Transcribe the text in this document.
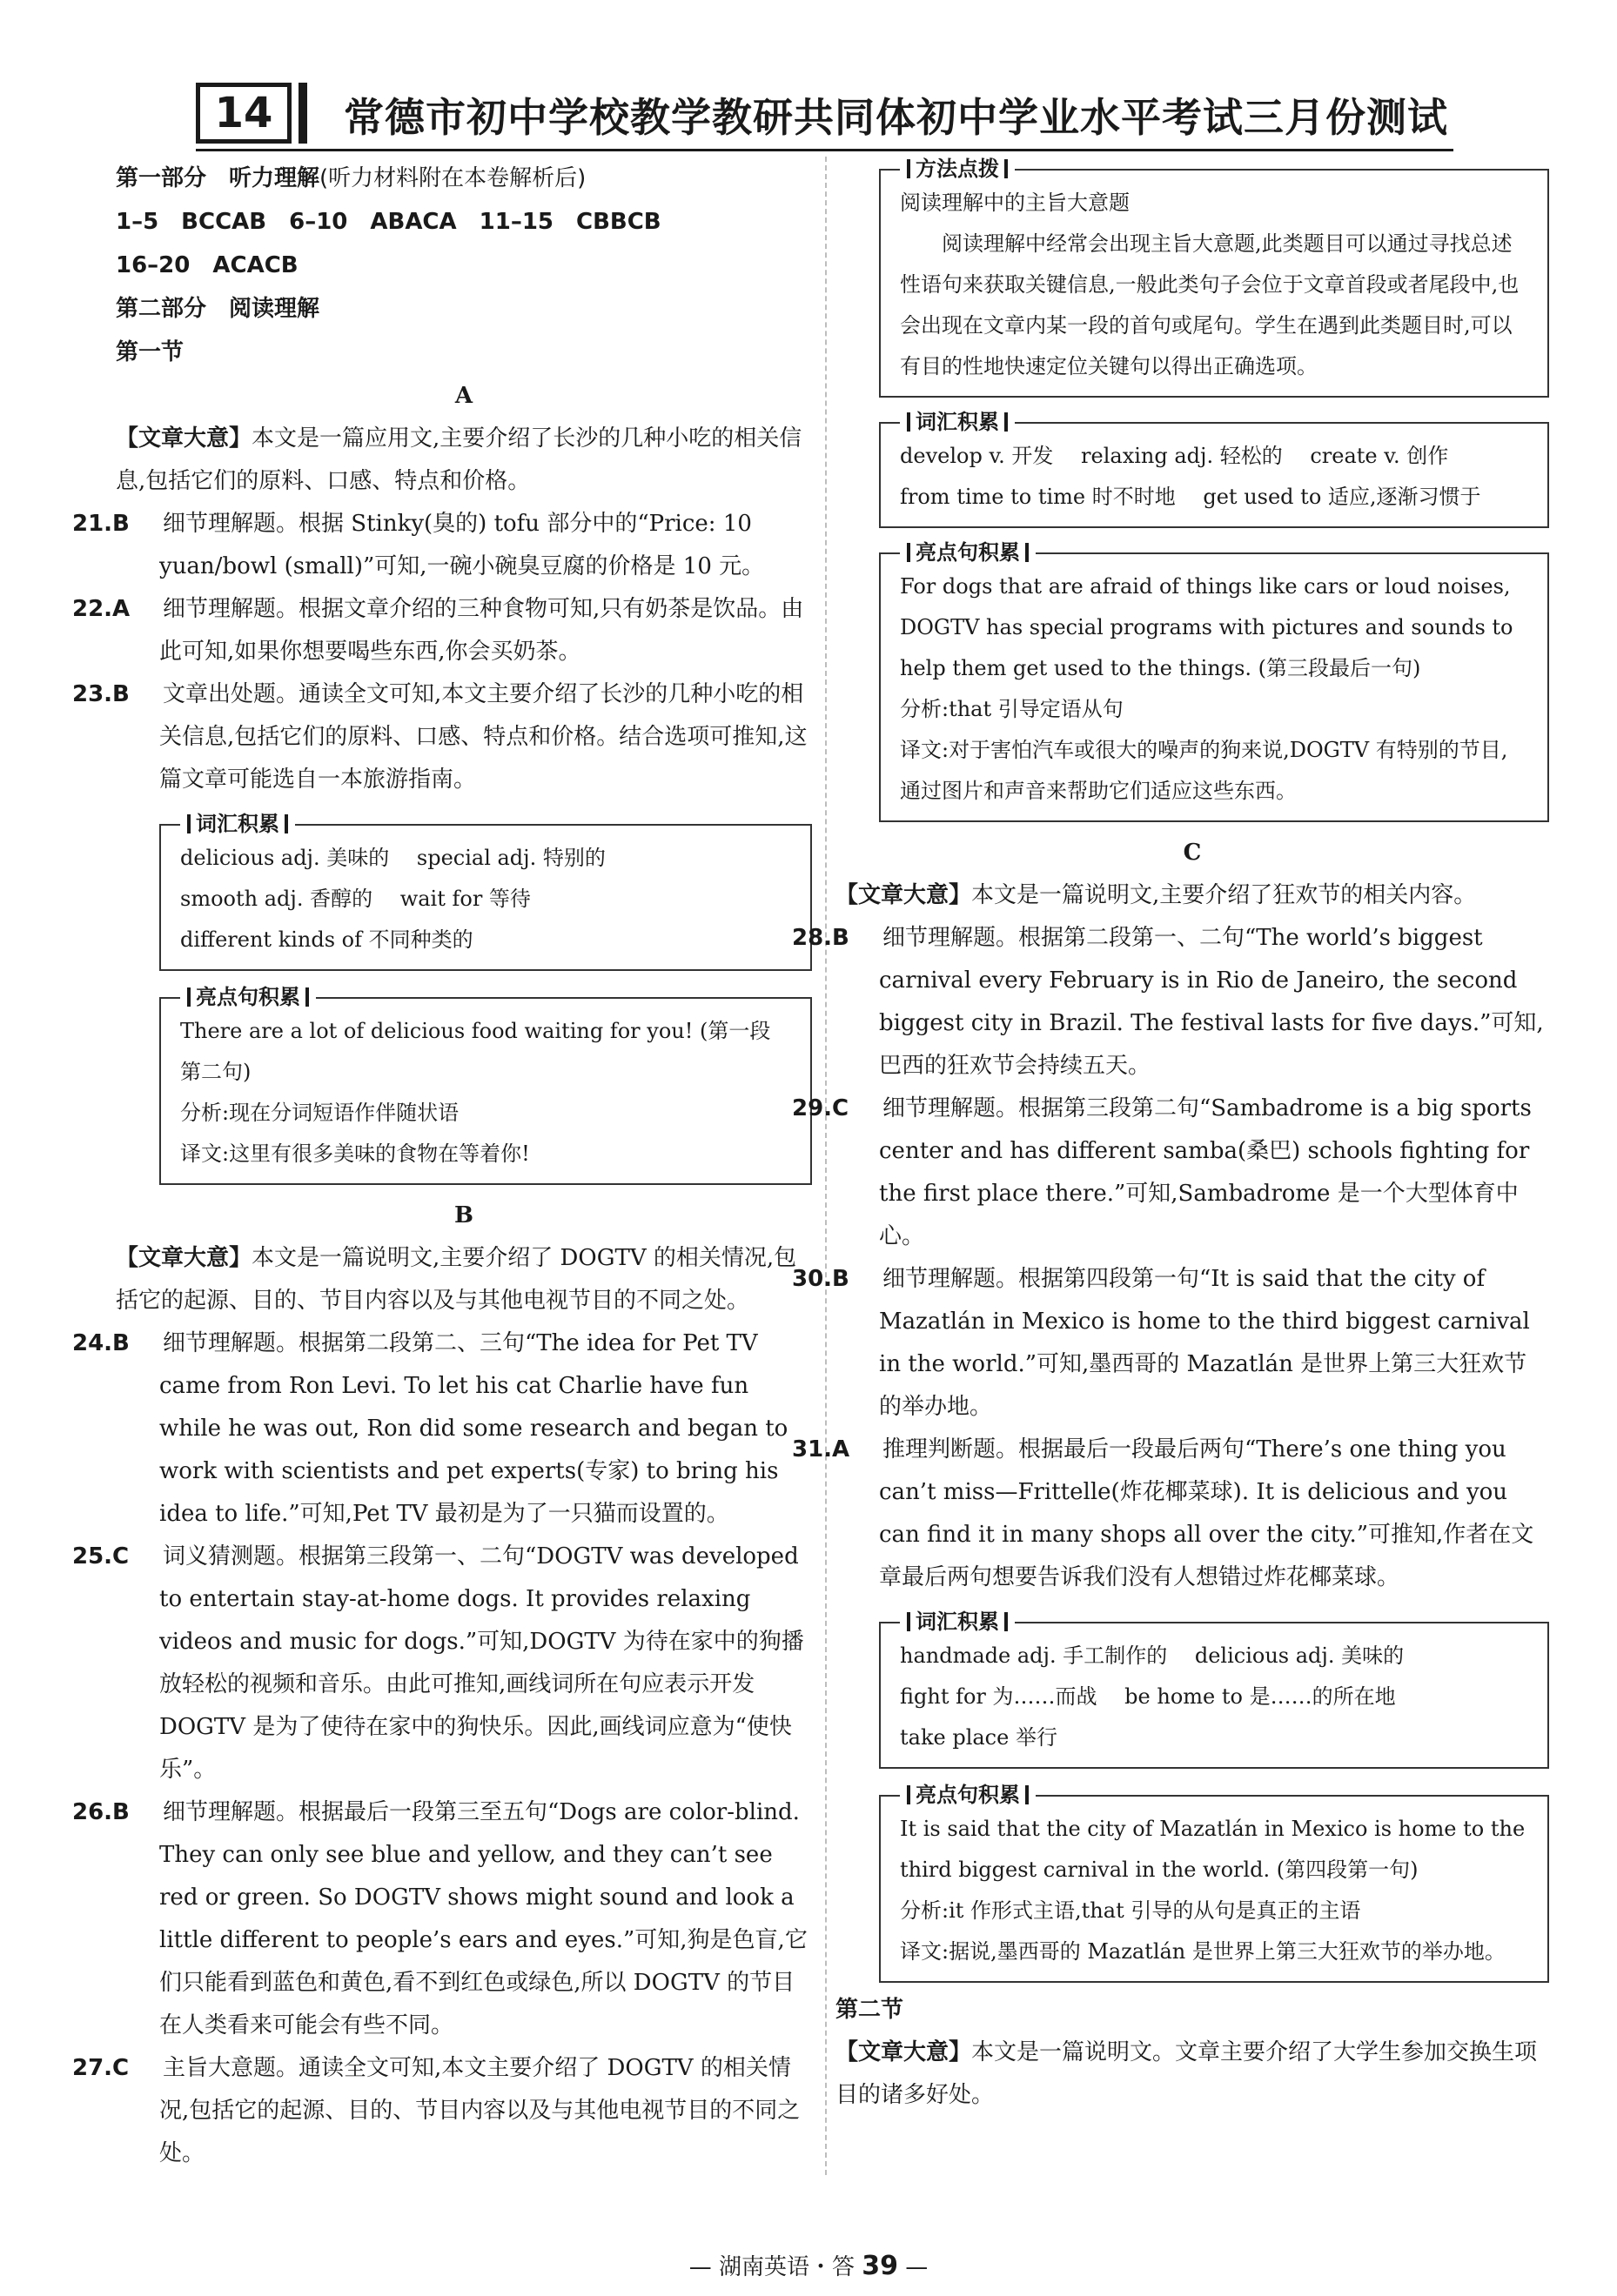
14	常德市初中学校教学教研共同体初中学业水平考试三月份测试
第一部分　听力理解(听力材料附在本卷解析后)
1–5　BCCAB　6–10　ABACA　11–15　CBBCB
16–20　ACACB
第二部分　阅读理解
第一节
A
【文章大意】本文是一篇应用文,主要介绍了长沙的几种小吃的相关信息,包括它们的原料、口感、特点和价格。
21.B 细节理解题。根据 Stinky(臭的) tofu 部分中的“Price: 10 yuan/bowl (small)”可知,一碗小碗臭豆腐的价格是 10 元。
22.A 细节理解题。根据文章介绍的三种食物可知,只有奶茶是饮品。由此可知,如果你想要喝些东西,你会买奶茶。
23.B 文章出处题。通读全文可知,本文主要介绍了长沙的几种小吃的相关信息,包括它们的原料、口感、特点和价格。结合选项可推知,这篇文章可能选自一本旅游指南。
词汇积累
delicious adj. 美味的　 special adj. 特别的
smooth adj. 香醇的　 wait for 等待
different kinds of 不同种类的
亮点句积累
There are a lot of delicious food waiting for you! (第一段第二句)
分析:现在分词短语作伴随状语
译文:这里有很多美味的食物在等着你!
B
【文章大意】本文是一篇说明文,主要介绍了 DOGTV 的相关情况,包括它的起源、目的、节目内容以及与其他电视节目的不同之处。
24.B 细节理解题。根据第二段第二、三句“The idea for Pet TV came from Ron Levi. To let his cat Charlie have fun while he was out, Ron did some research and began to work with scientists and pet experts(专家) to bring his idea to life.”可知,Pet TV 最初是为了一只猫而设置的。
25.C 词义猜测题。根据第三段第一、二句“DOGTV was developed to entertain stay-at-home dogs. It provides relaxing videos and music for dogs.”可知,DOGTV 为待在家中的狗播放轻松的视频和音乐。由此可推知,画线词所在句应表示开发 DOGTV 是为了使待在家中的狗快乐。因此,画线词应意为“使快乐”。
26.B 细节理解题。根据最后一段第三至五句“Dogs are color-blind. They can only see blue and yellow, and they can’t see red or green. So DOGTV shows might sound and look a little different to people’s ears and eyes.”可知,狗是色盲,它们只能看到蓝色和黄色,看不到红色或绿色,所以 DOGTV 的节目在人类看来可能会有些不同。
27.C 主旨大意题。通读全文可知,本文主要介绍了 DOGTV 的相关情况,包括它的起源、目的、节目内容以及与其他电视节目的不同之处。
方法点拨
阅读理解中的主旨大意题
阅读理解中经常会出现主旨大意题,此类题目可以通过寻找总述性语句来获取关键信息,一般此类句子会位于文章首段或者尾段中,也会出现在文章内某一段的首句或尾句。学生在遇到此类题目时,可以有目的性地快速定位关键句以得出正确选项。
词汇积累
develop v. 开发　 relaxing adj. 轻松的　 create v. 创作
from time to time 时不时地　 get used to 适应,逐渐习惯于
亮点句积累
For dogs that are afraid of things like cars or loud noises, DOGTV has special programs with pictures and sounds to help them get used to the things. (第三段最后一句)
分析:that 引导定语从句
译文:对于害怕汽车或很大的噪声的狗来说,DOGTV 有特别的节目,通过图片和声音来帮助它们适应这些东西。
C
【文章大意】本文是一篇说明文,主要介绍了狂欢节的相关内容。
28.B 细节理解题。根据第二段第一、二句“The world’s biggest carnival every February is in Rio de Janeiro, the second biggest city in Brazil. The festival lasts for five days.”可知,巴西的狂欢节会持续五天。
29.C 细节理解题。根据第三段第二句“Sambadrome is a big sports center and has different samba(桑巴) schools fighting for the first place there.”可知,Sambadrome 是一个大型体育中心。
30.B 细节理解题。根据第四段第一句“It is said that the city of Mazatlán in Mexico is home to the third biggest carnival in the world.”可知,墨西哥的 Mazatlán 是世界上第三大狂欢节的举办地。
31.A 推理判断题。根据最后一段最后两句“There’s one thing you can’t miss—Frittelle(炸花椰菜球). It is delicious and you can find it in many shops all over the city.”可推知,作者在文章最后两句想要告诉我们没有人想错过炸花椰菜球。
词汇积累
handmade adj. 手工制作的　 delicious adj. 美味的
fight for 为……而战　 be home to 是……的所在地
take place 举行
亮点句积累
It is said that the city of Mazatlán in Mexico is home to the third biggest carnival in the world. (第四段第一句)
分析:it 作形式主语,that 引导的从句是真正的主语
译文:据说,墨西哥的 Mazatlán 是世界上第三大狂欢节的举办地。
第二节
【文章大意】本文是一篇说明文。文章主要介绍了大学生参加交换生项目的诸多好处。
— 湖南英语・答 39 —
